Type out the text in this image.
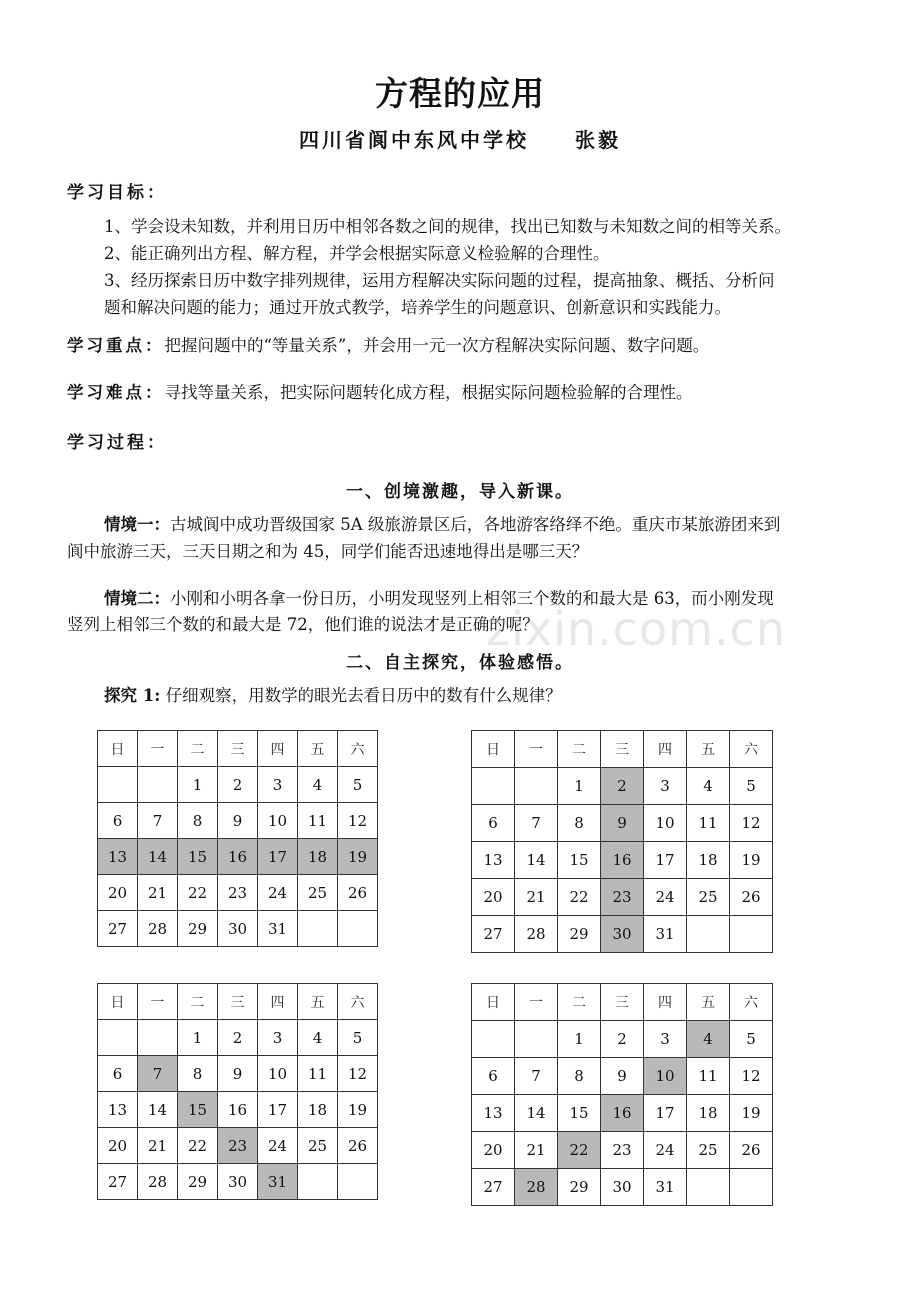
方程的应用
四川省阆中东风中学校　　张毅
学习目标：
1、学会设未知数，并利用日历中相邻各数之间的规律，找出已知数与未知数之间的相等关系。
2、能正确列出方程、解方程，并学会根据实际意义检验解的合理性。
3、经历探索日历中数字排列规律，运用方程解决实际问题的过程，提高抽象、概括、分析问
题和解决问题的能力；通过开放式教学，培养学生的问题意识、创新意识和实践能力。
学习重点：把握问题中的“等量关系”，并会用一元一次方程解决实际问题、数字问题。
学习难点：寻找等量关系，把实际问题转化成方程，根据实际问题检验解的合理性。
学习过程：
一、创境激趣，导入新课。
情境一：古城阆中成功晋级国家 5A 级旅游景区后，各地游客络绎不绝。重庆市某旅游团来到
阆中旅游三天，三天日期之和为 45，同学们能否迅速地得出是哪三天？
情境二：小刚和小明各拿一份日历，小明发现竖列上相邻三个数的和最大是 63，而小刚发现
竖列上相邻三个数的和最大是 72，他们谁的说法才是正确的呢？
zixin.com.cn
二、自主探究，体验感悟。
探究 1: 仔细观察，用数学的眼光去看日历中的数有什么规律？
日	一	二	三	四	五	六
		1	2	3	4	5
6	7	8	9	10	11	12
13	14	15	16	17	18	19
20	21	22	23	24	25	26
27	28	29	30	31		
日	一	二	三	四	五	六
		1	2	3	4	5
6	7	8	9	10	11	12
13	14	15	16	17	18	19
20	21	22	23	24	25	26
27	28	29	30	31		
日	一	二	三	四	五	六
		1	2	3	4	5
6	7	8	9	10	11	12
13	14	15	16	17	18	19
20	21	22	23	24	25	26
27	28	29	30	31		
日	一	二	三	四	五	六
		1	2	3	4	5
6	7	8	9	10	11	12
13	14	15	16	17	18	19
20	21	22	23	24	25	26
27	28	29	30	31		
